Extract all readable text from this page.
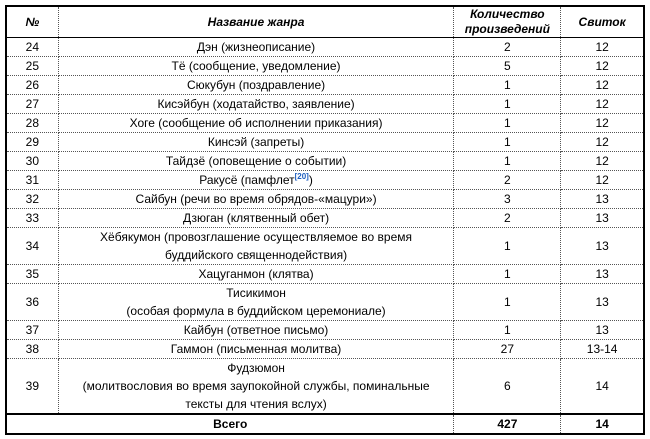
№	Название жанра	Количество произведений	Свиток
24	Дэн (жизнеописание)	2	12
25	Тё (сообщение, уведомление)	5	12
26	Сюкубун (поздравление)	1	12
27	Кисэйбун (ходатайство, заявление)	1	12
28	Хоге (сообщение об исполнении приказания)	1	12
29	Кинсэй (запреты)	1	12
30	Тайдзё (оповещение о событии)	1	12
31	Ракусё (памфлет[20])	2	12
32	Сайбун (речи во время обрядов-«мацури»)	3	13
33	Дзюган (клятвенный обет)	2	13
34	Хёбякумон (провозглашение осуществляемое во время
буддийского священнодействия)	1	13
35	Хацуганмон (клятва)	1	13
36	Тисикимон
(особая формула в буддийском церемониале)	1	13
37	Кайбун (ответное письмо)	1	13
38	Гаммон (письменная молитва)	27	13-14
39	Фудзюмон
(молитвословия во время заупокойной службы, поминальные
тексты для чтения вслух)	6	14
Всего		427	14
